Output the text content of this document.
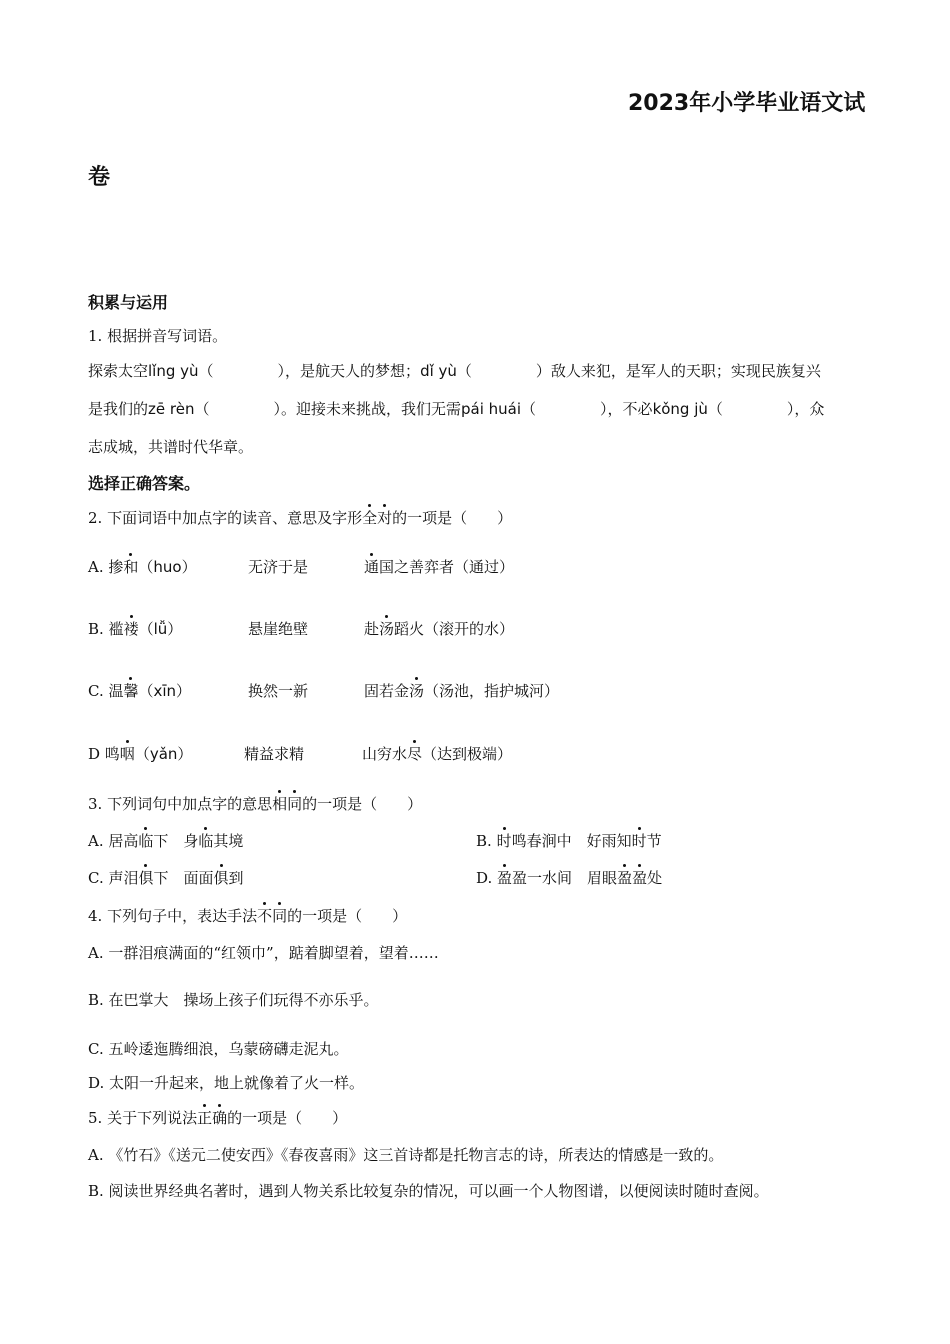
2023年小学毕业语文试
卷
积累与运用
1. 根据拼音写词语。
探索太空lǐng yù（	），是航天人的梦想；dǐ yù（	）敌人来犯，是军人的天职；实现民族复兴
是我们的zē rèn（	）。迎接未来挑战，我们无需pái huái（	），不必kǒng jù（	），众
志成城，共谱时代华章。
选择正确答案。
2. 下面词语中加点字的读音、意思及字形全对的一项是（　　）
A. 掺和（huo）	无济于是	通国之善弈者（通过）
B. 褴褛（lǚ）	悬崖绝壁	赴汤蹈火（滚开的水）
C. 温馨（xīn）	换然一新	固若金汤（汤池，指护城河）
D 鸣咽（yǎn）	精益求精	山穷水尽（达到极端）
3. 下列词句中加点字的意思相同的一项是（　　）
A. 居高临下　身临其境	B. 时鸣春涧中　好雨知时节
C. 声泪俱下　面面俱到	D. 盈盈一水间　眉眼盈盈处
4. 下列句子中，表达手法不同的一项是（　　）
A. 一群泪痕满面的“红领巾”，踮着脚望着，望着……
B. 在巴掌大　操场上孩子们玩得不亦乐乎。
C. 五岭逶迤腾细浪，乌蒙磅礴走泥丸。
D. 太阳一升起来，地上就像着了火一样。
5. 关于下列说法正确的一项是（　　）
A. 《竹石》《送元二使安西》《春夜喜雨》这三首诗都是托物言志的诗，所表达的情感是一致的。
B. 阅读世界经典名著时，遇到人物关系比较复杂的情况，可以画一个人物图谱，以便阅读时随时查阅。
